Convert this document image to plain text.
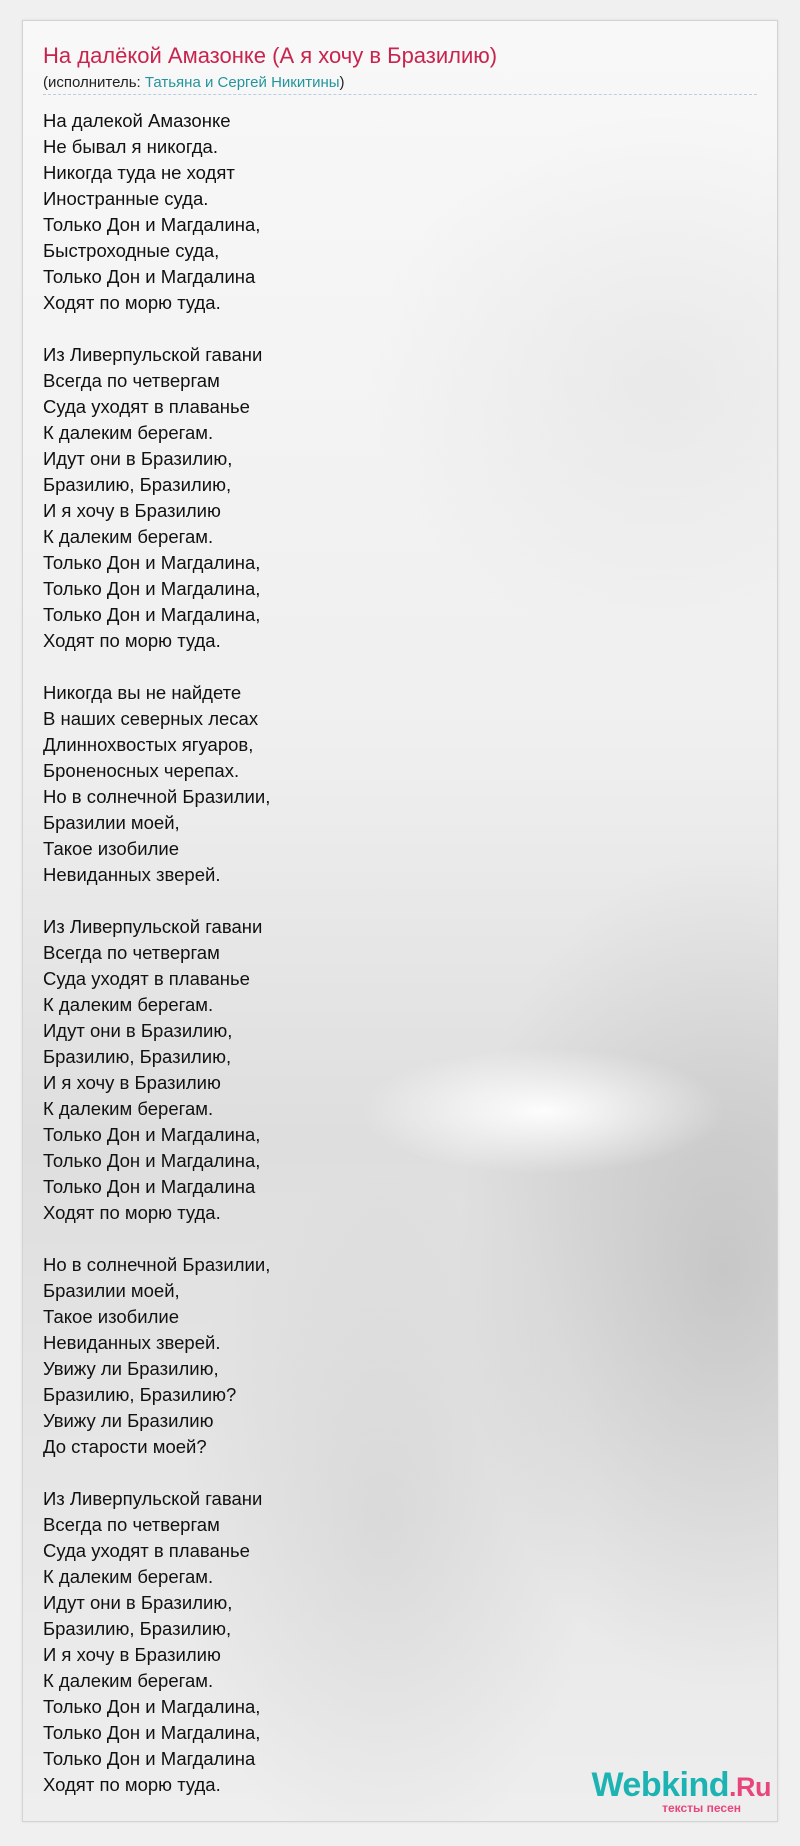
На далёкой Амазонке (А я хочу в Бразилию)
(исполнитель: Татьяна и Сергей Никитины)
На далекой Амазонке
Не бывал я никогда.
Никогда туда не ходят
Иностранные суда.
Только Дон и Магдалина,
Быстроходные суда,
Только Дон и Магдалина
Ходят по морю туда.
Из Ливерпульской гавани
Всегда по четвергам
Суда уходят в плаванье
К далеким берегам.
Идут они в Бразилию,
Бразилию, Бразилию,
И я хочу в Бразилию
К далеким берегам.
Только Дон и Магдалина,
Только Дон и Магдалина,
Только Дон и Магдалина,
Ходят по морю туда.
Никогда вы не найдете
В наших северных лесах
Длиннохвостых ягуаров,
Броненосных черепах.
Но в солнечной Бразилии,
Бразилии моей,
Такое изобилие
Невиданных зверей.
Из Ливерпульской гавани
Всегда по четвергам
Суда уходят в плаванье
К далеким берегам.
Идут они в Бразилию,
Бразилию, Бразилию,
И я хочу в Бразилию
К далеким берегам.
Только Дон и Магдалина,
Только Дон и Магдалина,
Только Дон и Магдалина
Ходят по морю туда.
Но в солнечной Бразилии,
Бразилии моей,
Такое изобилие
Невиданных зверей.
Увижу ли Бразилию,
Бразилию, Бразилию?
Увижу ли Бразилию
До старости моей?
Из Ливерпульской гавани
Всегда по четвергам
Суда уходят в плаванье
К далеким берегам.
Идут они в Бразилию,
Бразилию, Бразилию,
И я хочу в Бразилию
К далеким берегам.
Только Дон и Магдалина,
Только Дон и Магдалина,
Только Дон и Магдалина
Ходят по морю туда.	Webkind.Ru
тексты песен
